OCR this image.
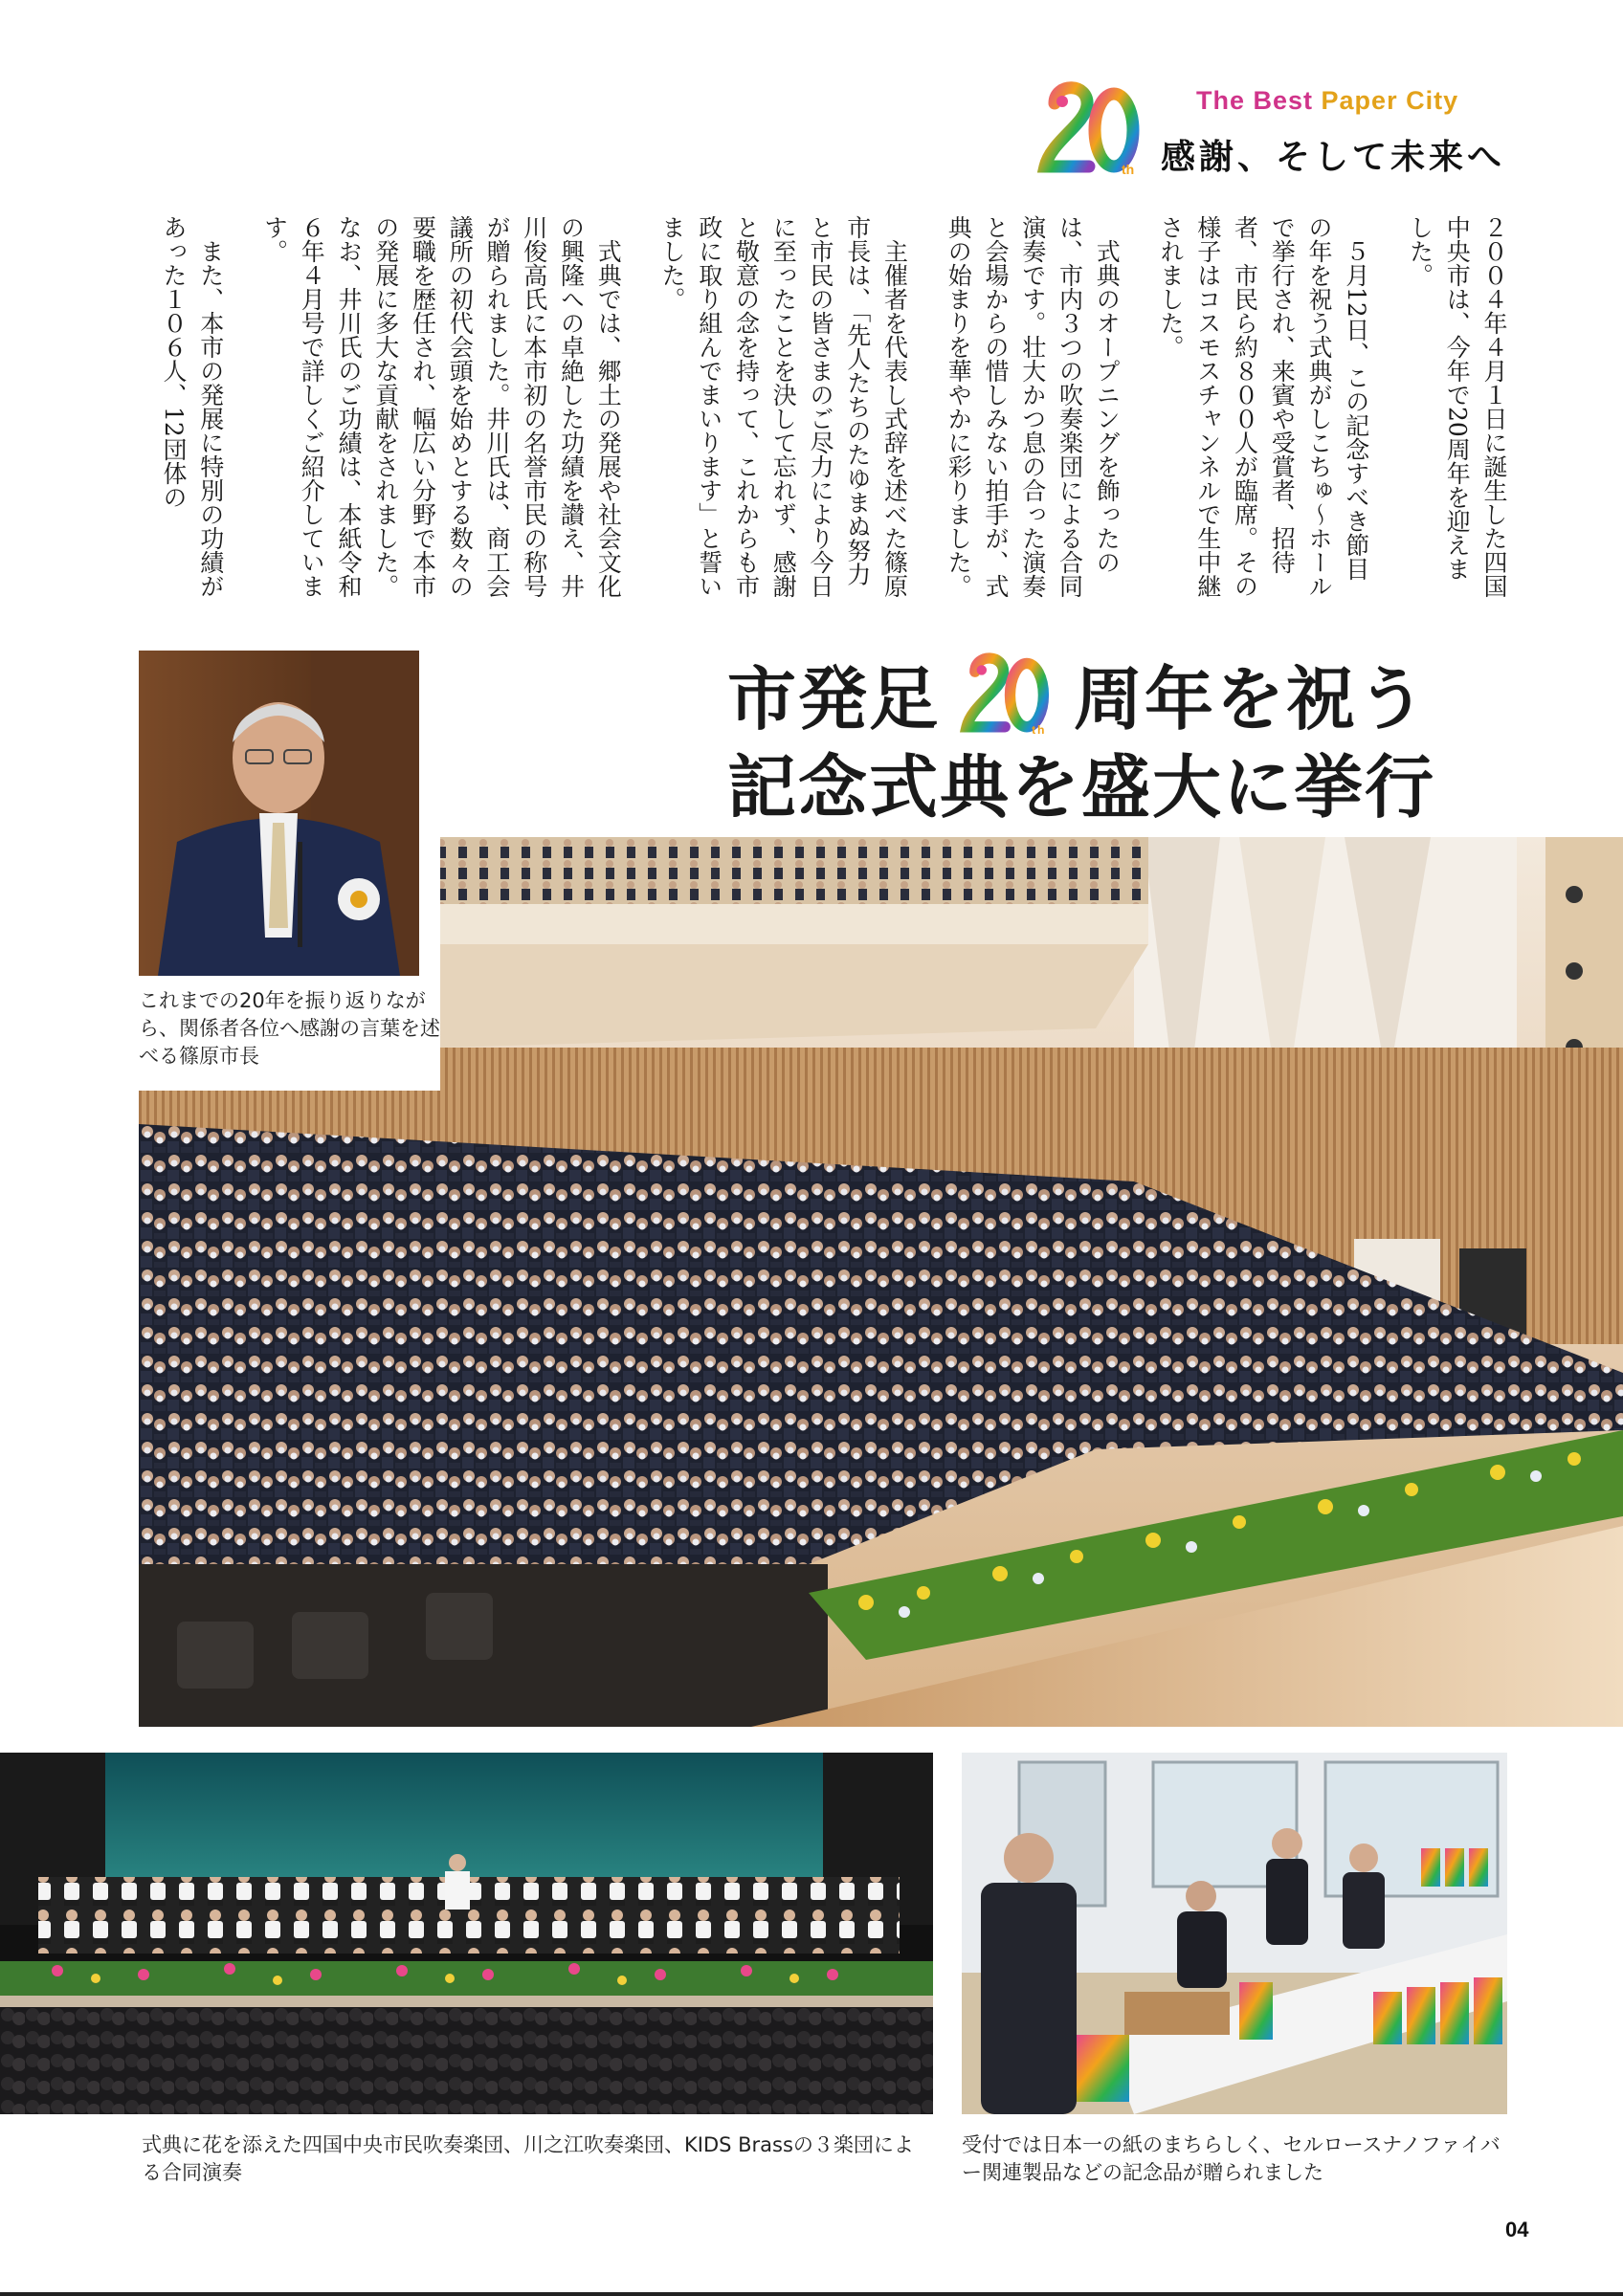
th
The Best Paper City
感謝、そして未来へ

２００４年４月１日に誕生した四国中央市は、今年で20周年を迎えました。

５月12日、この記念すべき節目の年を祝う式典がしこちゅ～ホールで挙行され、来賓や受賞者、招待者、市民ら約８００人が臨席。その様子はコスモスチャンネルで生中継されました。

式典のオープニングを飾ったのは、市内３つの吹奏楽団による合同演奏です。壮大かつ息の合った演奏と会場からの惜しみない拍手が、式典の始まりを華やかに彩りました。

主催者を代表し式辞を述べた篠原市長は、「先人たちのたゆまぬ努力と市民の皆さまのご尽力により今日に至ったことを決して忘れず、感謝と敬意の念を持って、これからも市政に取り組んでまいります」と誓いました。

式典では、郷土の発展や社会文化の興隆への卓絶した功績を讃え、井川俊高氏に本市初の名誉市民の称号が贈られました。井川氏は、商工会議所の初代会頭を始めとする数々の要職を歴任され、幅広い分野で本市の発展に多大な貢献をされました。なお、井川氏のご功績は、本紙令和６年４月号で詳しくご紹介しています。

また、本市の発展に特別の功績があった１０６人、12団体の

これまでの20年を振り返りながら、関係者各位へ感謝の言葉を述べる篠原市長
市発足	th 周年を祝う
記念式典を盛大に挙行
式典に花を添えた四国中央市民吹奏楽団、川之江吹奏楽団、KIDS Brassの３楽団による合同演奏
受付では日本一の紙のまちらしく、セルロースナノファイバー関連製品などの記念品が贈られました
04
